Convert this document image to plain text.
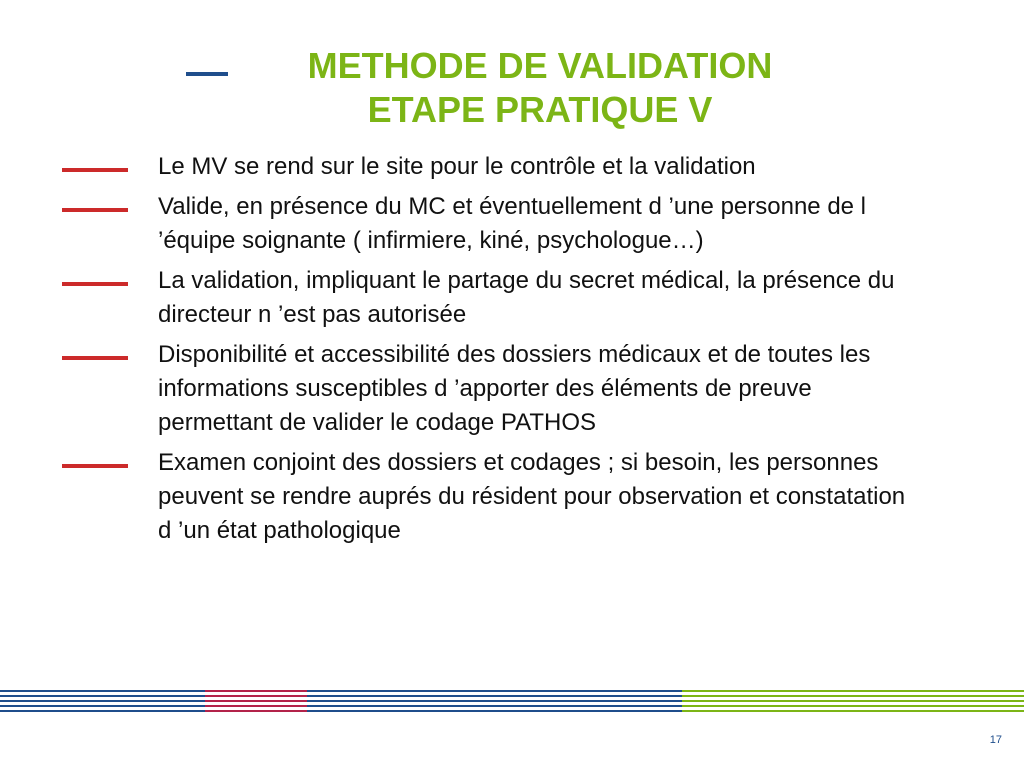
METHODE DE VALIDATION
ETAPE PRATIQUE V
Le MV se rend sur le site pour le contrôle et la validation
Valide, en présence du MC et éventuellement d ’une personne de l ’équipe soignante ( infirmiere, kiné, psychologue…)
La validation, impliquant le partage du secret médical, la présence du directeur n ’est pas autorisée
Disponibilité et accessibilité des dossiers médicaux et de toutes les informations susceptibles d ’apporter des éléments de preuve permettant de valider le codage PATHOS
Examen conjoint des dossiers et codages ; si besoin, les personnes peuvent se rendre auprés du résident pour observation et constatation d ’un état pathologique
17
